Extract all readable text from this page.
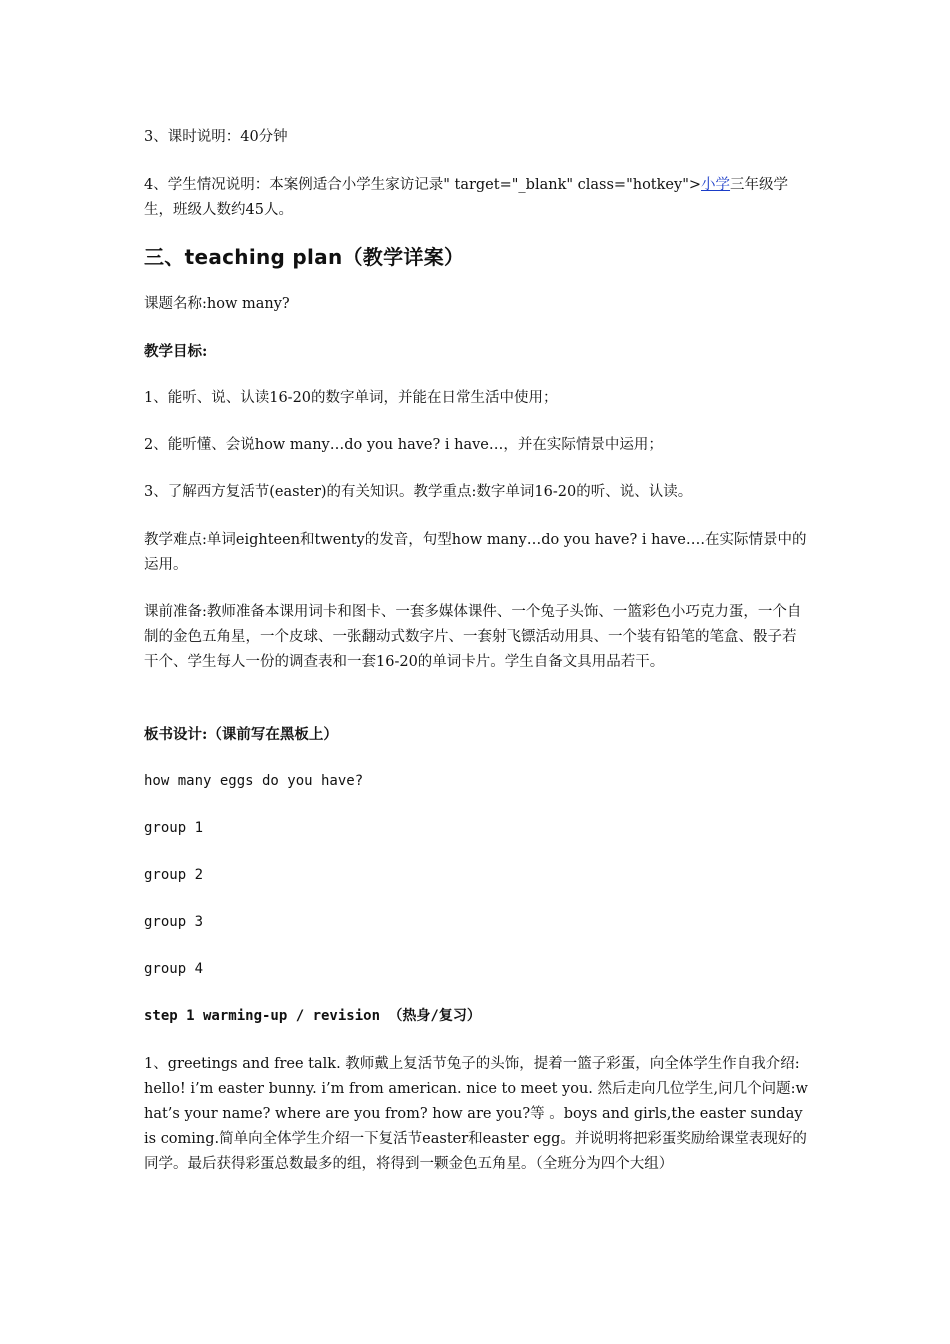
3、课时说明：40分钟

4、学生情况说明：本案例适合小学生家访记录" target="_blank" class="hotkey">小学三年级学生，班级人数约45人。

三、teaching plan（教学详案）

课题名称:how many?

教学目标:

1、能听、说、认读16-20的数字单词，并能在日常生活中使用；

2、能听懂、会说how many…do you have? i have…，并在实际情景中运用；

3、了解西方复活节(easter)的有关知识。教学重点:数字单词16-20的听、说、认读。

教学难点:单词eighteen和twenty的发音，句型how many…do you have? i have….在实际情景中的运用。

课前准备:教师准备本课用词卡和图卡、一套多媒体课件、一个兔子头饰、一篮彩色小巧克力蛋，一个自制的金色五角星，一个皮球、一张翻动式数字片、一套射飞镖活动用具、一个装有铅笔的笔盒、骰子若干个、学生每人一份的调查表和一套16-20的单词卡片。学生自备文具用品若干。

板书设计:（课前写在黑板上）

how many eggs do you have?

group 1

group 2

group 3

group 4

step 1 warming-up / revision （热身/复习）

1、greetings and free talk. 教师戴上复活节兔子的头饰，提着一篮子彩蛋，向全体学生作自我介绍:hello! i’m easter bunny. i’m from american. nice to meet you. 然后走向几位学生,问几个问题:what’s your name? where are you from? how are you?等 。boys and girls,the easter sunday is coming.简单向全体学生介绍一下复活节easter和easter egg。并说明将把彩蛋奖励给课堂表现好的同学。最后获得彩蛋总数最多的组，将得到一颗金色五角星。（全班分为四个大组）
